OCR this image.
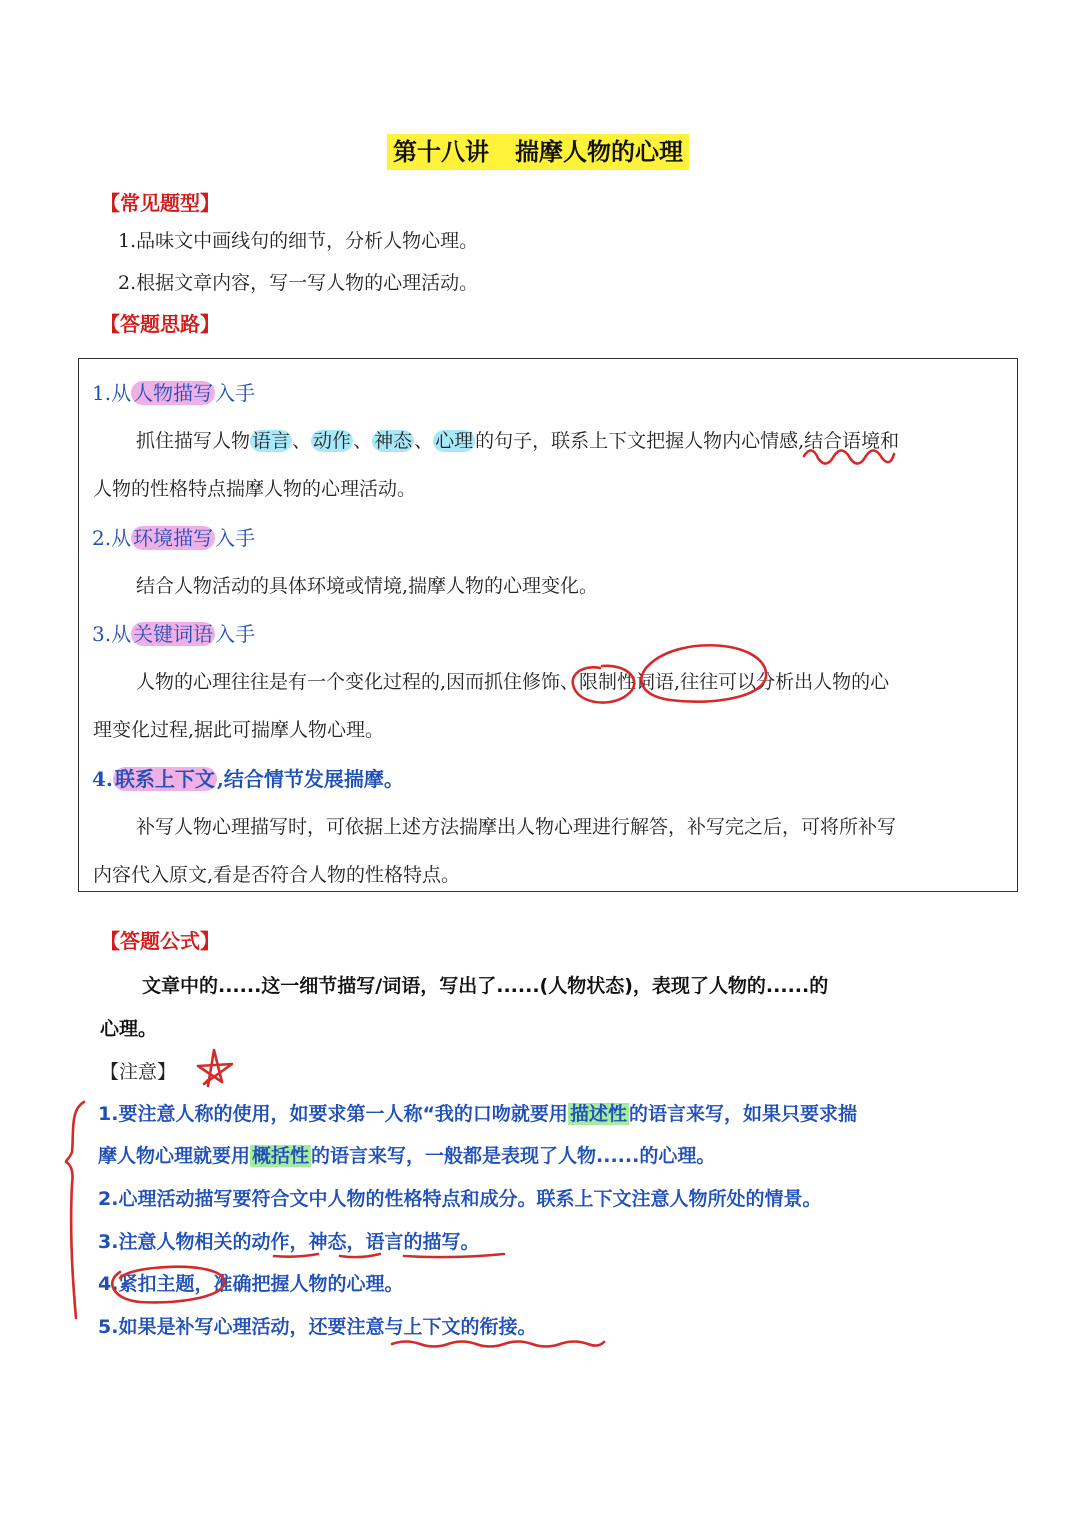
第十八讲 揣摩人物的心理
【常见题型】
1.品味文中画线句的细节，分析人物心理。
2.根据文章内容，写一写人物的心理活动。
【答题思路】
1.从 人物描写 入手
抓住描写人物 语言 、 动作 、 神态 、 心理 的句子，联系上下文把握人物内心情感,结合语境和
人物的性格特点揣摩人物的心理活动。
2.从 环境描写 入手
结合人物活动的具体环境或情境,揣摩人物的心理变化。
3.从 关键词语 入手
人物的心理往往是有一个变化过程的,因而抓住修饰、限制性词语,往往可以分析出人物的心
理变化过程,据此可揣摩人物心理。
4. 联系上下文 ,结合情节发展揣摩。
补写人物心理描写时，可依据上述方法揣摩出人物心理进行解答，补写完之后，可将所补写
内容代入原文,看是否符合人物的性格特点。
【答题公式】
文章中的......这一细节描写/词语，写出了......(人物状态)，表现了人物的......的
心理。
【注意】
1.要注意人称的使用，如要求第一人称“我的口吻就要用 描述性 的语言来写，如果只要求揣
摩人物心理就要用 概括性 的语言来写，一般都是表现了人物......的心理。
2.心理活动描写要符合文中人物的性格特点和成分。联系上下文注意人物所处的情景。
3.注意人物相关的动作，神态，语言的描写。
4.紧扣主题，准确把握人物的心理。
5.如果是补写心理活动，还要注意与上下文的衔接。
